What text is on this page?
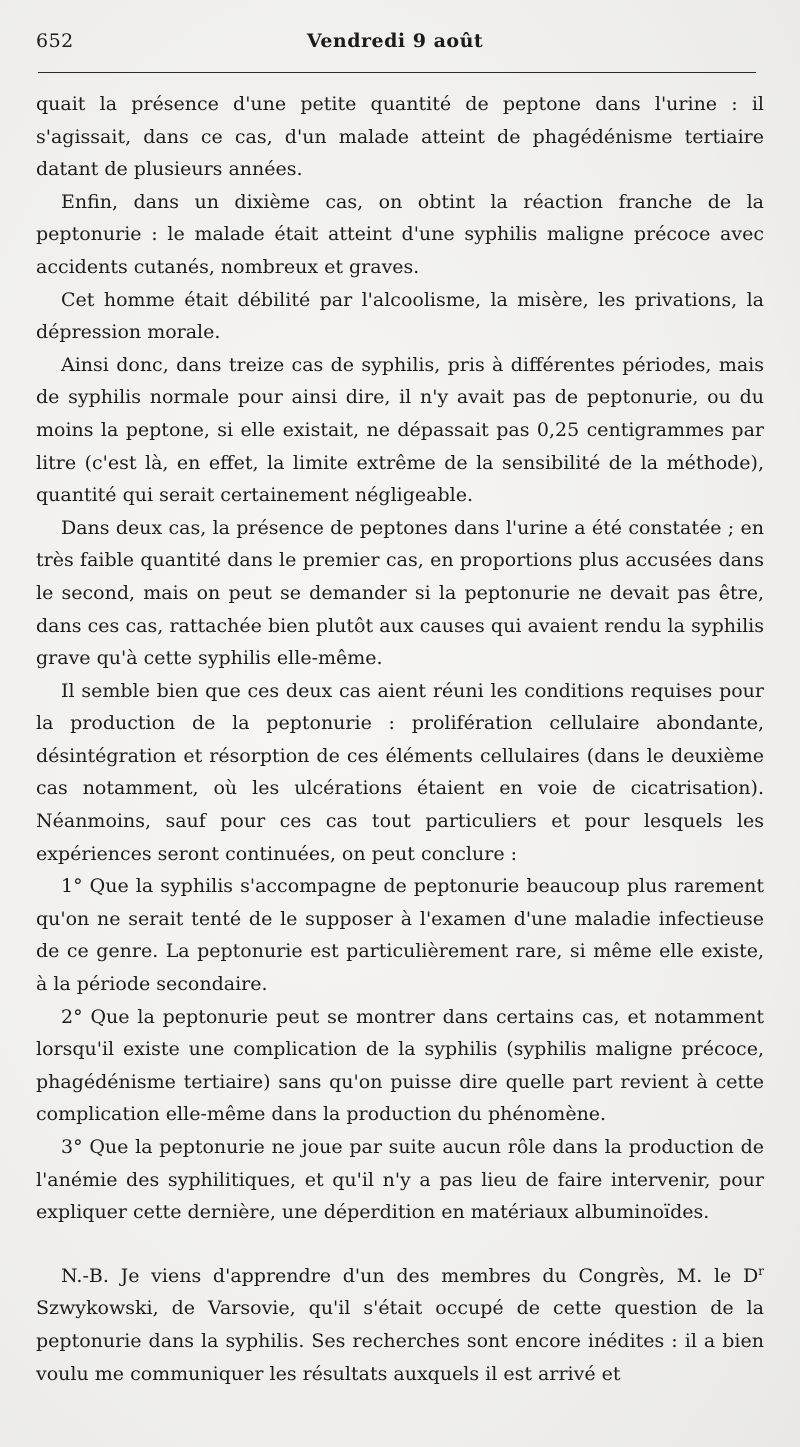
652	Vendredi 9 août

quait la présence d'une petite quantité de peptone dans l'urine : il s'agissait, dans ce cas, d'un malade atteint de phagédénisme tertiaire datant de plusieurs années.

Enfin, dans un dixième cas, on obtint la réaction franche de la peptonurie : le malade était atteint d'une syphilis maligne précoce avec accidents cutanés, nombreux et graves.

Cet homme était débilité par l'alcoolisme, la misère, les privations, la dépression morale.

Ainsi donc, dans treize cas de syphilis, pris à différentes périodes, mais de syphilis normale pour ainsi dire, il n'y avait pas de peptonurie, ou du moins la peptone, si elle existait, ne dépassait pas 0,25 centigrammes par litre (c'est là, en effet, la limite extrême de la sensibilité de la méthode), quantité qui serait certainement négligeable.

Dans deux cas, la présence de peptones dans l'urine a été constatée ; en très faible quantité dans le premier cas, en proportions plus accusées dans le second, mais on peut se demander si la peptonurie ne devait pas être, dans ces cas, rattachée bien plutôt aux causes qui avaient rendu la syphilis grave qu'à cette syphilis elle-même.

Il semble bien que ces deux cas aient réuni les conditions requises pour la production de la peptonurie : prolifération cellulaire abondante, désintégration et résorption de ces éléments cellulaires (dans le deuxième cas notamment, où les ulcérations étaient en voie de cicatrisation). Néanmoins, sauf pour ces cas tout particuliers et pour lesquels les expériences seront continuées, on peut conclure :

1° Que la syphilis s'accompagne de peptonurie beaucoup plus rarement qu'on ne serait tenté de le supposer à l'examen d'une maladie infectieuse de ce genre. La peptonurie est particulièrement rare, si même elle existe, à la période secondaire.

2° Que la peptonurie peut se montrer dans certains cas, et notamment lorsqu'il existe une complication de la syphilis (syphilis maligne précoce, phagédénisme tertiaire) sans qu'on puisse dire quelle part revient à cette complication elle-même dans la production du phénomène.

3° Que la peptonurie ne joue par suite aucun rôle dans la production de l'anémie des syphilitiques, et qu'il n'y a pas lieu de faire intervenir, pour expliquer cette dernière, une déperdition en matériaux albuminoïdes.

N.-B. Je viens d'apprendre d'un des membres du Congrès, M. le $D^r$ Szwykowski, de Varsovie, qu'il s'était occupé de cette question de la peptonurie dans la syphilis. Ses recherches sont encore inédites : il a bien voulu me communiquer les résultats auxquels il est arrivé et
